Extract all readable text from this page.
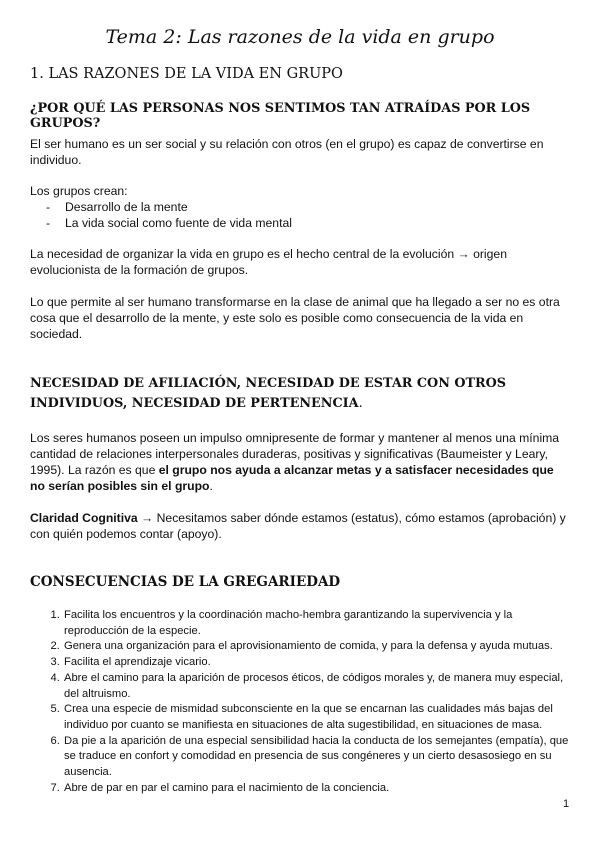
Tema 2: Las razones de la vida en grupo
1. LAS RAZONES DE LA VIDA EN GRUPO
¿POR QUÉ LAS PERSONAS NOS SENTIMOS TAN ATRAÍDAS POR LOS GRUPOS?
El ser humano es un ser social y su relación con otros (en el grupo) es capaz de convertirse en individuo.
Los grupos crean:
- Desarrollo de la mente
- La vida social como fuente de vida mental
La necesidad de organizar la vida en grupo es el hecho central de la evolución → origen evolucionista de la formación de grupos.
Lo que permite al ser humano transformarse en la clase de animal que ha llegado a ser no es otra cosa que el desarrollo de la mente, y este solo es posible como consecuencia de la vida en sociedad.
NECESIDAD DE AFILIACIÓN, NECESIDAD DE ESTAR CON OTROS INDIVIDUOS, NECESIDAD DE PERTENENCIA.
Los seres humanos poseen un impulso omnipresente de formar y mantener al menos una mínima cantidad de relaciones interpersonales duraderas, positivas y significativas (Baumeister y Leary, 1995). La razón es que el grupo nos ayuda a alcanzar metas y a satisfacer necesidades que no serían posibles sin el grupo.
Claridad Cognitiva → Necesitamos saber dónde estamos (estatus), cómo estamos (aprobación) y con quién podemos contar (apoyo).
CONSECUENCIAS DE LA GREGARIEDAD
1. Facilita los encuentros y la coordinación macho-hembra garantizando la supervivencia y la reproducción de la especie.
2. Genera una organización para el aprovisionamiento de comida, y para la defensa y ayuda mutuas.
3. Facilita el aprendizaje vicario.
4. Abre el camino para la aparición de procesos éticos, de códigos morales y, de manera muy especial, del altruismo.
5. Crea una especie de mismidad subconsciente en la que se encarnan las cualidades más bajas del individuo por cuanto se manifiesta en situaciones de alta sugestibilidad, en situaciones de masa.
6. Da pie a la aparición de una especial sensibilidad hacia la conducta de los semejantes (empatía), que se traduce en confort y comodidad en presencia de sus congéneres y un cierto desasosiego en su ausencia.
7. Abre de par en par el camino para el nacimiento de la conciencia.
1
